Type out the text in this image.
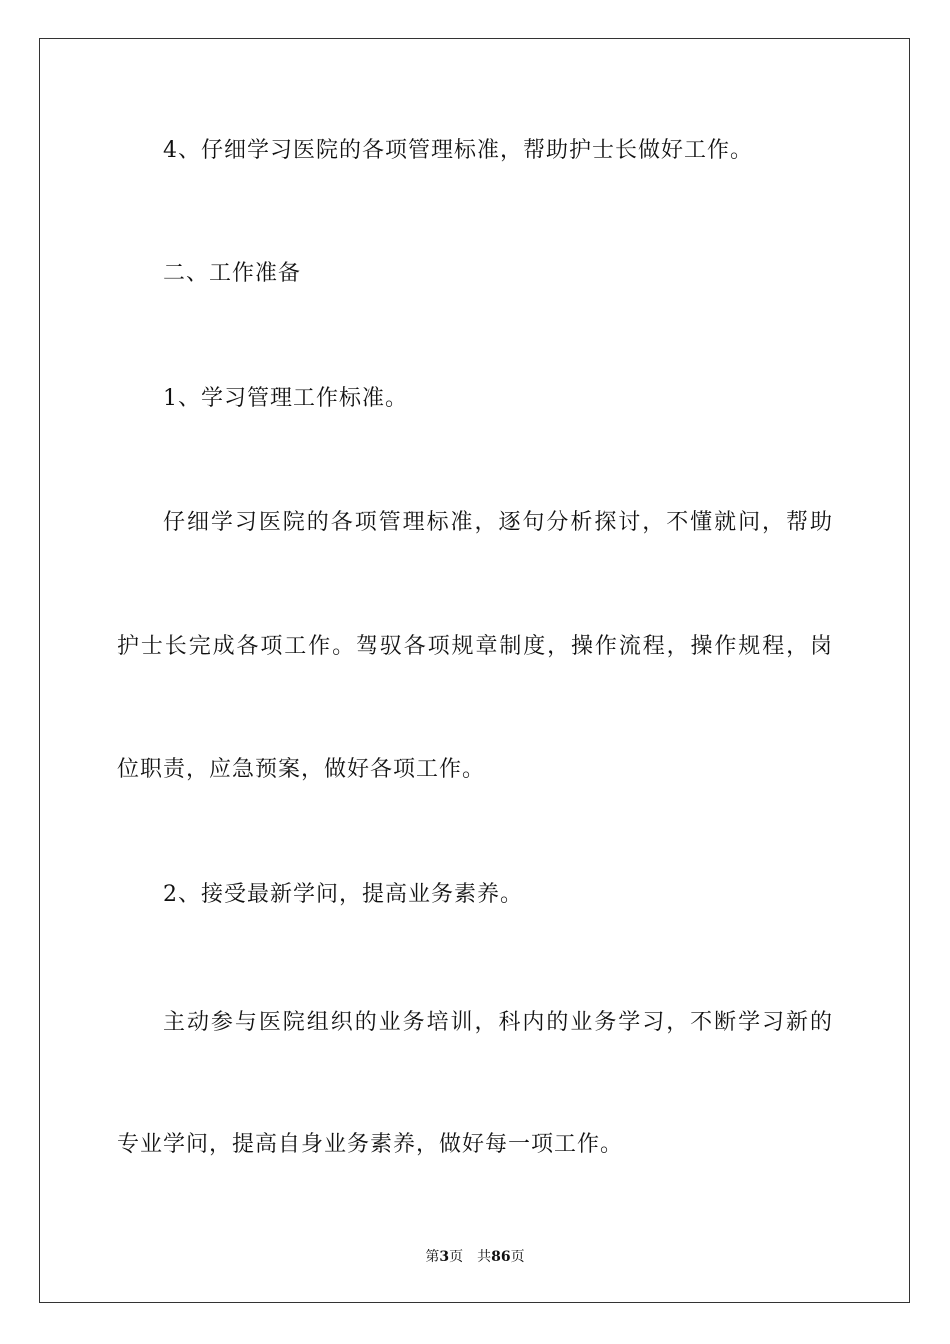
4、仔细学习医院的各项管理标准，帮助护士长做好工作。
二、工作准备
1、学习管理工作标准。
仔细学习医院的各项管理标准，逐句分析探讨，不懂就问，帮助
护士长完成各项工作。驾驭各项规章制度，操作流程，操作规程，岗
位职责，应急预案，做好各项工作。
2、接受最新学问，提高业务素养。
主动参与医院组织的业务培训，科内的业务学习，不断学习新的
专业学问，提高自身业务素养，做好每一项工作。
第3页 共86页
